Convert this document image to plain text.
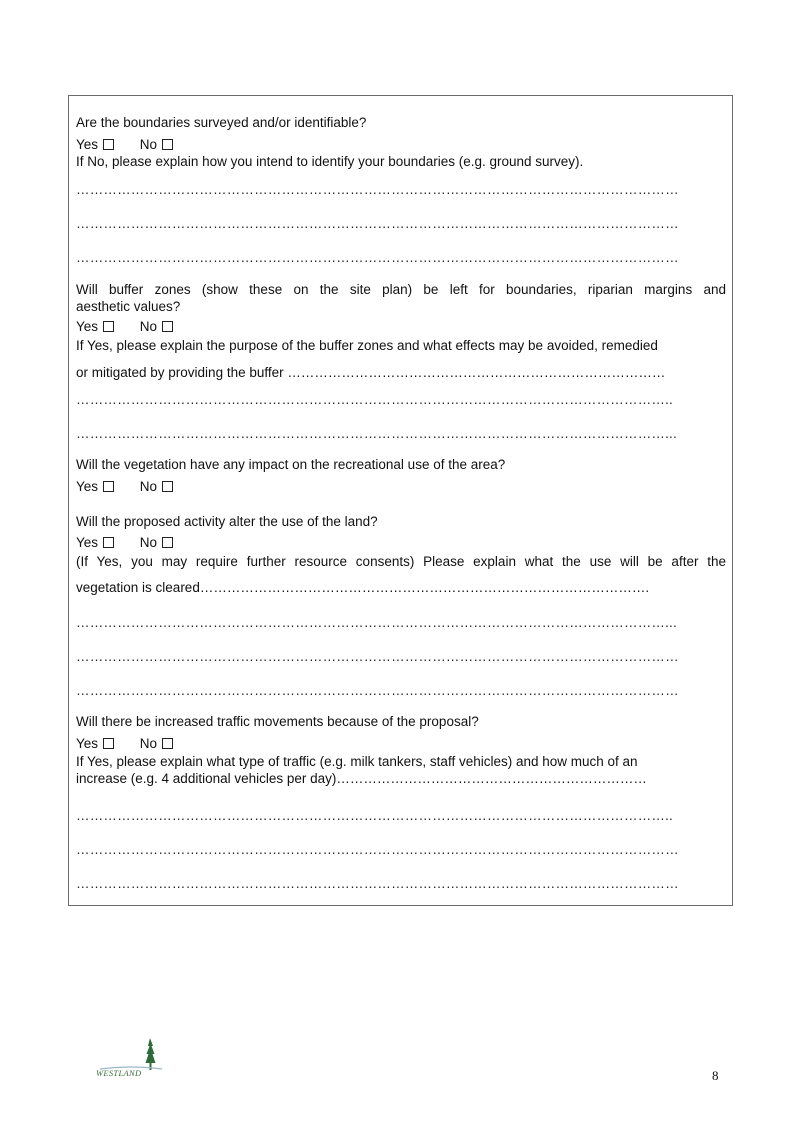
Are the boundaries surveyed and/or identifiable?
Yes	No
If No, please explain how you intend to identify your boundaries (e.g. ground survey).
……………………………………………………………………………………………………………………
……………………………………………………………………………………………………………………
……………………………………………………………………………………………………………………
Will buffer zones (show these on the site plan) be left for boundaries, riparian margins and
aesthetic values?
Yes	No
If Yes, please explain the purpose of the buffer zones and what effects may be avoided, remedied
or mitigated by providing the buffer …………………………………………………………………………
…………………………………………………………………………………………………………………..
…………………………………………………………………………………………………………………...
Will the vegetation have any impact on the recreational use of the area?
Yes	No
Will the proposed activity alter the use of the land?
Yes	No
(If Yes, you may require further resource consents) Please explain what the use will be after the
vegetation is cleared……………………………………………………………………………………….
…………………………………………………………………………………………………………………...
……………………………………………………………………………………………………………………
……………………………………………………………………………………………………………………
Will there be increased traffic movements because of the proposal?
Yes	No
If Yes, please explain what type of traffic (e.g. milk tankers, staff vehicles) and how much of an
increase (e.g. 4 additional vehicles per day)……………………………………………………………
…………………………………………………………………………………………………………………..
……………………………………………………………………………………………………………………
……………………………………………………………………………………………………………………
WESTLAND	8
